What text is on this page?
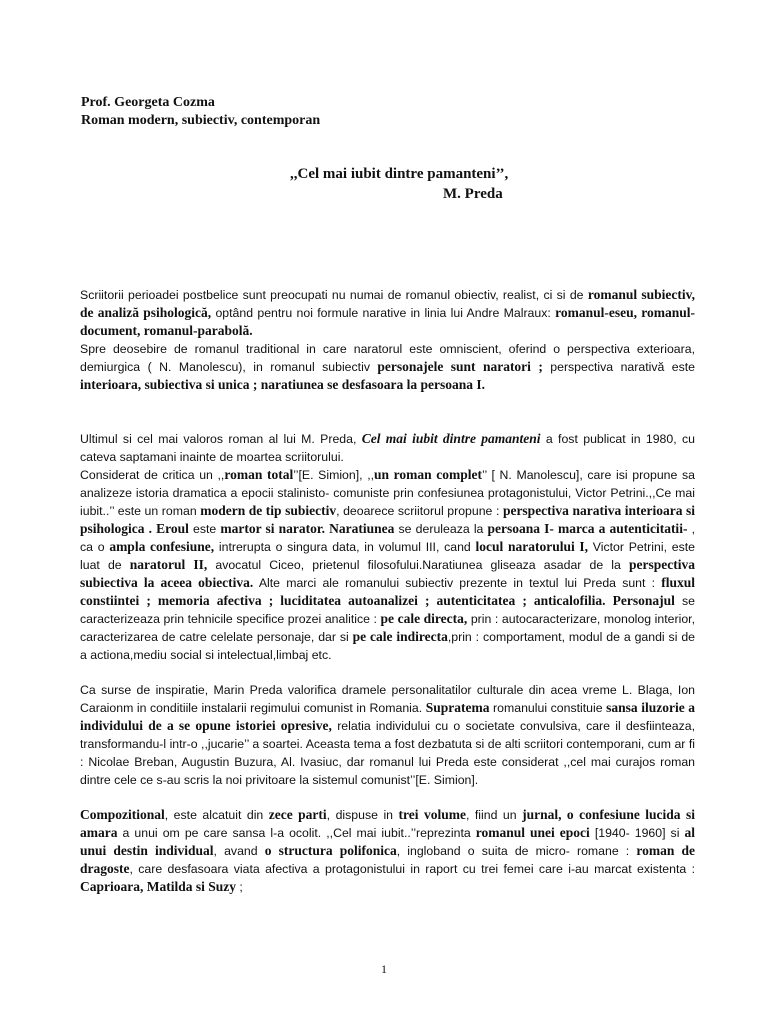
Prof. Georgeta Cozma
Roman modern, subiectiv, contemporan
,,Cel mai iubit dintre pamanteni’’,
M. Preda

Scriitorii perioadei postbelice sunt preocupati nu numai de romanul obiectiv, realist, ci si de romanul subiectiv, de analiză psihologică, optând pentru noi formule narative in linia lui Andre Malraux: romanul-eseu, romanul-document, romanul-parabolă.

Spre deosebire de romanul traditional in care naratorul este omniscient, oferind o perspectiva exterioara, demiurgica ( N. Manolescu), in romanul subiectiv personajele sunt naratori ; perspectiva narativă este interioara, subiectiva si unica ; naratiunea se desfasoara la persoana I.

Ultimul si cel mai valoros roman al lui M. Preda, Cel mai iubit dintre pamanteni a fost publicat in 1980, cu cateva saptamani inainte de moartea scriitorului.

Considerat de critica un ,,roman total’’[E. Simion], ,,un roman complet’’ [ N. Manolescu], care isi propune sa analizeze istoria dramatica a epocii stalinisto- comuniste prin confesiunea protagonistului, Victor Petrini.,,Ce mai iubit..’’ este un roman modern de tip subiectiv, deoarece scriitorul propune : perspectiva narativa interioara si psihologica . Eroul este martor si narator. Naratiunea se deruleaza la persoana I- marca a autenticitatii- , ca o ampla confesiune, intrerupta o singura data, in volumul III, cand locul naratorului I, Victor Petrini, este luat de naratorul II, avocatul Ciceo, prietenul filosofului.Naratiunea gliseaza asadar de la perspectiva subiectiva la aceea obiectiva. Alte marci ale romanului subiectiv prezente in textul lui Preda sunt : fluxul constiintei ; memoria afectiva ; luciditatea autoanalizei ; autenticitatea ; anticalofilia. Personajul se caracterizeaza prin tehnicile specifice prozei analitice : pe cale directa, prin : autocaracterizare, monolog interior, caracterizarea de catre celelate personaje, dar si pe cale indirecta,prin : comportament, modul de a gandi si de a actiona,mediu social si intelectual,limbaj etc.

Ca surse de inspiratie, Marin Preda valorifica dramele personalitatilor culturale din acea vreme L. Blaga, Ion Caraionm in conditiile instalarii regimului comunist in Romania. Supratema romanului constituie sansa iluzorie a individului de a se opune istoriei opresive, relatia individului cu o societate convulsiva, care il desfiinteaza, transformandu-l intr-o ,,jucarie’’ a soartei. Aceasta tema a fost dezbatuta si de alti scriitori contemporani, cum ar fi : Nicolae Breban, Augustin Buzura, Al. Ivasiuc, dar romanul lui Preda este considerat ,,cel mai curajos roman dintre cele ce s-au scris la noi privitoare la sistemul comunist’’[E. Simion].

Compozitional, este alcatuit din zece parti, dispuse in trei volume, fiind un jurnal, o confesiune lucida si amara a unui om pe care sansa l-a ocolit. ,,Cel mai iubit..’’reprezinta romanul unei epoci [1940- 1960] si al unui destin individual, avand o structura polifonica, ingloband o suita de micro- romane : roman de dragoste, care desfasoara viata afectiva a protagonistului in raport cu trei femei care i-au marcat existenta : Caprioara, Matilda si Suzy ;

1
